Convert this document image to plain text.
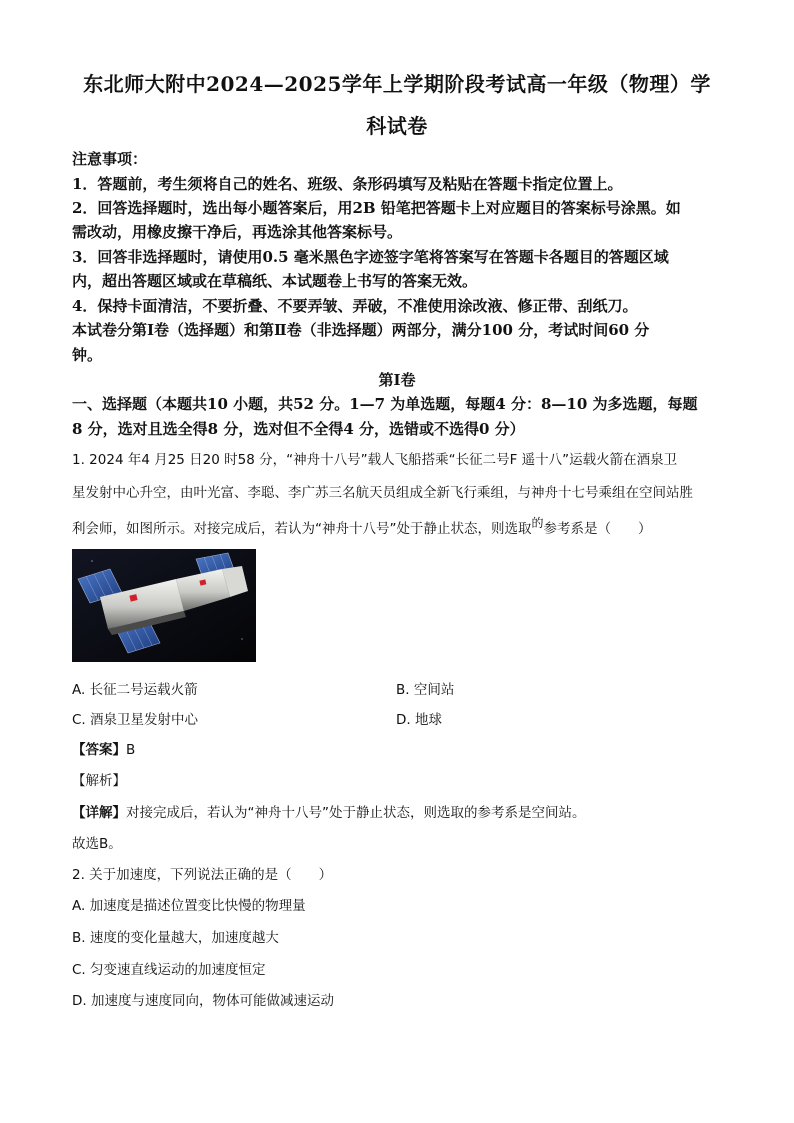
东北师大附中2024—2025学年上学期阶段考试高一年级（物理）学
科试卷
注意事项：
1．答题前，考生须将自己的姓名、班级、条形码填写及粘贴在答题卡指定位置上。
2．回答选择题时，选出每小题答案后，用2B 铅笔把答题卡上对应题目的答案标号涂黑。如
需改动，用橡皮擦干净后，再选涂其他答案标号。
3．回答非选择题时，请使用0.5 毫米黑色字迹签字笔将答案写在答题卡各题目的答题区域
内，超出答题区域或在草稿纸、本试题卷上书写的答案无效。
4．保持卡面清洁，不要折叠、不要弄皱、弄破，不准使用涂改液、修正带、刮纸刀。
本试卷分第Ⅰ卷（选择题）和第Ⅱ卷（非选择题）两部分，满分100 分，考试时间60 分
钟。
第Ⅰ卷
一、选择题（本题共10 小题，共52 分。1—7 为单选题，每题4 分：8—10 为多选题，每题
8 分，选对且选全得8 分，选对但不全得4 分，选错或不选得0 分）
1. 2024 年4 月25 日20 时58 分，“神舟十八号”载人飞船搭乘“长征二号F 遥十八”运载火箭在酒泉卫
星发射中心升空，由叶光富、李聪、李广苏三名航天员组成全新飞行乘组，与神舟十七号乘组在空间站胜
利会师，如图所示。对接完成后，若认为“神舟十八号”处于静止状态，则选取的参考系是（　　）
A. 长征二号运载火箭	B. 空间站
C. 酒泉卫星发射中心	D. 地球
【答案】B
【解析】
【详解】对接完成后，若认为“神舟十八号”处于静止状态，则选取的参考系是空间站。
故选B。
2. 关于加速度，下列说法正确的是（　　）
A. 加速度是描述位置变比快慢的物理量
B. 速度的变化量越大，加速度越大
C. 匀变速直线运动的加速度恒定
D. 加速度与速度同向，物体可能做减速运动
